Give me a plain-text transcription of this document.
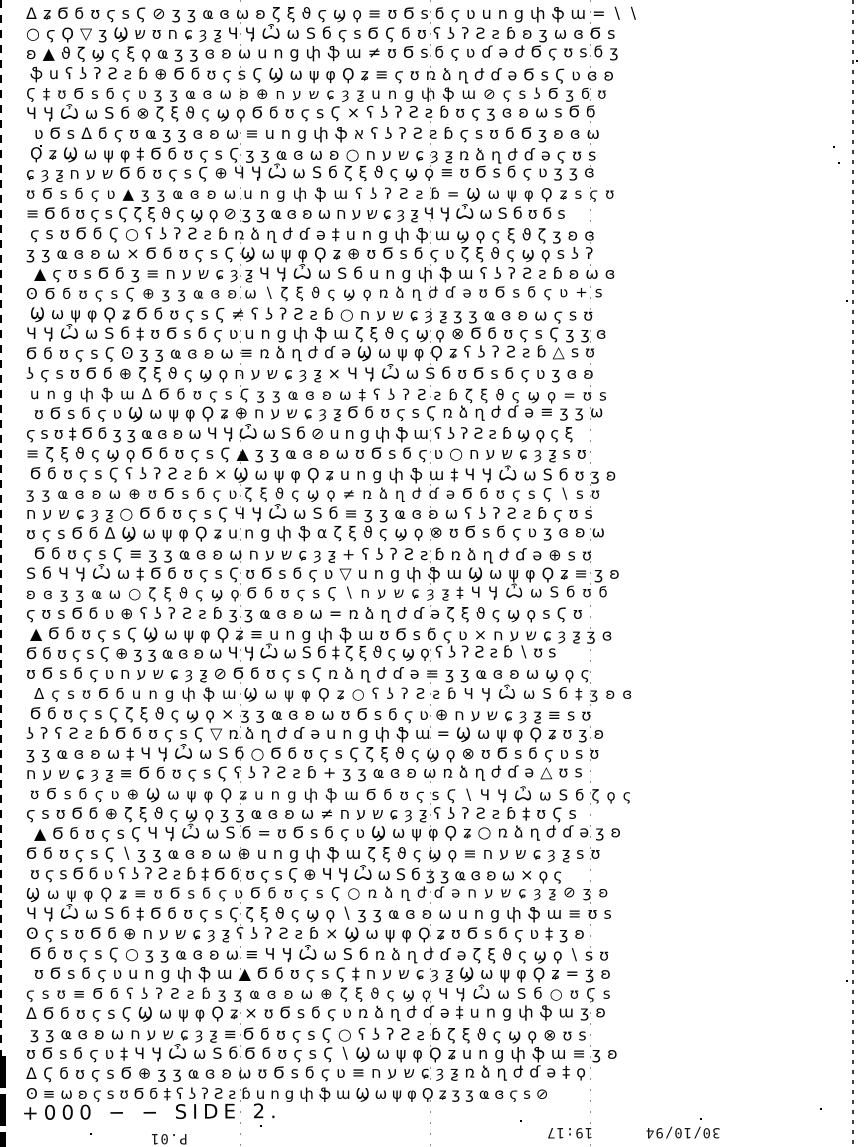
ΔʑϬϭʊϛѕϚ⊘ӡʒҩɞωʚζξϑϛϣϙ≡ʊϬѕϭϛʋսոցփֆա=∖∖
○ϛϘ▽ʒϢשʊחɕȝƺЧӋѼѡЅбϛѕϬϚϭʊʕʖʔƧƨɓʚӡωɞϬѕ
ʚ▲ϑζϣςξϙҩӡʒɞʚωսոցփֆա≠ʊϬѕϭϛʋɗəժϬϛʊѕϭӡ
ֆսʕʖʔƧƨɓ⊕ϬϭʊϛѕϚϢωψφϘʑ≡ϛʊռձղժɗəϬѕϚʋɞʚ
Ϛ‡ʊϬѕϭϛʋӡʒҩɞωʚ⊕שעחɕȝƺսոցփֆա⊘ϛѕʖϬӡϭʊ
ЧӋѼѡЅб⊗ζξϑςϣϙϬϭʊϛѕϚ×ʕʖʔƧƨɓʊϛӡɞʚωѕϬϭ
ʋϬѕΔϭϛʊҩӡʒɞʚω≡սոցփֆאʕʖʔƧƨɓϛѕʊϭϬӡʚɞω
ϘʑϢωψφ‡ϬϭʊϛѕϚӡʒҩɞωʚ○שעחɕȝƺռձղժɗəϛʊѕ
ɕȝƺשעחϬϭʊϛѕϚ⊕ЧӋѼѡЅбζξϑςϣϙ≡ʊϬѕϭϛʋӡʒɞ
ʊϬѕϭϛʋ▲ӡʒҩɞʚωսոցփֆաʕʖʔƧƨɓ=ϢωψφϘʑѕϛʊ
≡ϬϭʊϛѕϚζξϑςϣϙ⊘ӡʒҩɞʚωשעחɕȝƺЧӋѼѡЅбʊϭѕ
ϛѕʊϬϭϚ○ʕʖʔƧƨɓռձղժɗə‡սոցփֆաϣϙςξϑζӡʚɞ
ӡʒҩɞʚω×ϬϭʊϛѕϚϢωψφϘʑ⊕ʊϬѕϭϛʋζξϑςϣϙѕʖʔ
▲ϛʊѕϬϭӡ≡שעחɕȝƺЧӋѼѡЅбսոցփֆաʕʖʔƧƨɓʚωɞ
ʘϬϭʊϛѕϚ⊕ӡʒҩɞʚω∖ζξϑςϣϙռձղժɗəʊϬѕϭϛʋ+ѕ
ϢωψφϘʑϬϭʊϛѕϚ≠ʕʖʔƧƨɓ○שעחɕȝƺӡʒҩɞʚωϛѕʊ
ЧӋѼѡЅб‡ʊϬѕϭϛʋսոցփֆաζξϑςϣϙ⊗ϬϭʊϛѕϚӡʒɞ
ϬϭʊϛѕϚʘӡʒҩɞʚω≡ռձղժɗəϢωψφϘʑʕʖʔƧƨɓ△ѕʊ
ʖϛѕʊϬϭ⊕ζξϑςϣϙשעחɕȝƺ×ЧӋѼѡЅбʊϬѕϭϛʋӡɞʚ
սոցփֆաΔϬϭʊϛѕϚӡʒҩɞʚω‡ʕʖʔƧƨɓζξϑςϣϙ=ʊѕ
ʊϬѕϭϛʋϢωψφϘʑ⊕שעחɕȝƺϬϭʊϛѕϚռձղժɗə≡ӡʒω
ϛѕʊ‡ϬϭӡʒҩɞʚωЧӋѼѡЅб⊘սոցփֆաʕʖʔƧƨɓϣϙςξ
≡ζξϑςϣϙϬϭʊϛѕϚ▲ӡʒҩɞʚωʊϬѕϭϛʋ○שעחɕȝƺѕʊ
ϬϭʊϛѕϚʕʖʔƧƨɓ×ϢωψφϘʑսոցփֆա‡ЧӋѼѡЅбʊӡʚ
ӡʒҩɞʚω⊕ʊϬѕϭϛʋζξϑςϣϙ≠ռձղժɗəϬϭʊϛѕϚ∖ѕʊ
שעחɕȝƺ○ϬϭʊϛѕϚЧӋѼѡЅб≡ӡʒҩɞʚωʕʖʔƧƨɓϛʊѕ
ʊϛѕϬϭΔϢωψφϘʑսոցփֆαζξϑςϣϙ⊗ʊϬѕϭϛʋӡɞʚω
ϬϭʊϛѕϚ≡ӡʒҩɞʚωשעחɕȝƺ+ʕʖʔƧƨɓռձղժɗə⊕ѕʊ
ЅбЧӋѼѡ‡ϬϭʊϛѕϚʊϬѕϭϛʋ▽սոցփֆաϢωψφϘʑ≡ӡʚ
ʚɞӡʒҩω○ζξϑςϣϙϬϭʊϛѕϚ∖שעחɕȝƺ‡ЧӋѼѡЅбʊϭ
ϛʊѕϬϭʋ⊕ʕʖʔƧƨɓӡʒҩɞʚω=ռձղժɗəζξϑςϣϙѕϚʊ
▲ϬϭʊϛѕϚϢωψφϘʑ≡սոցփֆաʊϬѕϭϛʋ×שעחɕȝƺӡɞ
ϬϭʊϛѕϚ⊕ӡʒҩɞʚωЧӋѼѡЅб‡ζξϑςϣϙʕʖʔƧƨɓ∖ʊѕ
ʊϬѕϭϛʋשעחɕȝƺ⊘ϬϭʊϛѕϚռձղժɗə≡ӡʒҩɞʚωϣϙς
ΔϛѕʊϬϭսոցփֆաϢωψφϘʑ○ʕʖʔƧƨɓЧӋѼѡЅб‡ӡʚɞ
ϬϭʊϛѕϚζξϑςϣϙ×ӡʒҩɞʚωʊϬѕϭϛʋ⊕שעחɕȝƺ≡ѕʊ
ʖʔʕƧƨɓϬϭʊϛѕϚ▽ռձղժɗəսոցփֆա=ϢωψφϘʑʊӡʚ
ӡʒҩɞʚω‡ЧӋѼѡЅб○ϬϭʊϛѕϚζξϑςϣϙ⊗ʊϬѕϭϛʋѕʊ
שעחɕȝƺ≡ϬϭʊϛѕϚʕʖʔƧƨɓ+ӡʒҩɞʚωռձղժɗə△ʊѕ
ʊϬѕϭϛʋ⊕ϢωψφϘʑսոցփֆաϬϭʊϛѕϚ∖ЧӋѼѡЅбζϙς
ϛѕʊϬϭ⊕ζξϑςϣϙӡʒҩɞʚω≠שעחɕȝƺʕʖʔƧƨɓ‡ʊϚѕ
▲ϬϭʊϛѕϚЧӋѼѡЅб=ʊϬѕϭϛʋϢωψφϘʑ○ռձղժɗəӡʚ
ϬϭʊϛѕϚ∖ӡʒҩɞʚω⊕սոցփֆաζξϑςϣϙ≡שעחɕȝƺѕʊ
ʊϛѕϬϭʋʕʖʔƧƨɓ‡ϬϭʊϛѕϚ⊕ЧӋѼѡЅбӡʒҩɞʚω×ϙς
ϢωψφϘʑ≡ʊϬѕϭϛʋϬϭʊϛѕϚ○ռձղժɗəשעחɕȝƺ⊘ӡʚ
ЧӋѼѡЅб‡ϬϭʊϛѕϚζξϑςϣϙ∖ӡʒҩɞʚωսոցփֆա≡ʊѕ
ʘϛѕʊϬϭ⊕שעחɕȝƺʕʖʔƧƨɓ×ϢωψφϘʑʊϬѕϭϛʋ‡ӡʚ
ϬϭʊϛѕϚ○ӡʒҩɞʚω≡ЧӋѼѡЅбռձղժɗəζξϑςϣϙ∖ѕʊ
ʊϬѕϭϛʋսոցփֆա▲ϬϭʊϛѕϚ‡שעחɕȝƺϢωψφϘʑ=ӡʚ
ϛѕʊ≡ϬϭʕʖʔƧƨɓӡʒҩɞʚω⊕ζξϑςϣϙЧӋѼѡЅб○ʊϚѕ
ΔϬϭʊϛѕϚϢωψφϘʑ×ʊϬѕϭϛʋռձղժɗə‡սոցփֆաӡʚ
ӡʒҩɞʚωשעחɕȝƺ≡ϬϭʊϛѕϚ○ʕʖʔƧƨɓζξϑςϣϙ⊗ʊѕ
ʊϬѕϭϛʋ‡ЧӋѼѡЅбϬϭʊϛѕϚ∖ϢωψφϘʑսոցփֆա≡ӡʚ
ΔϚϭʊϛѕϬ⊕ӡʒҩɞʚωʊϬѕϭϛʋ≡שעחɕȝƺռձղժɗə‡ϙ
ʘ≡ωʚϛѕʊϬϭ‡ʕʖʔƧƨɓսոցփֆաϢωψφϘʑӡʒҩɞϛѕ⊘
+000 − − SIDE 2.
P.01	19:17	30/10/94
